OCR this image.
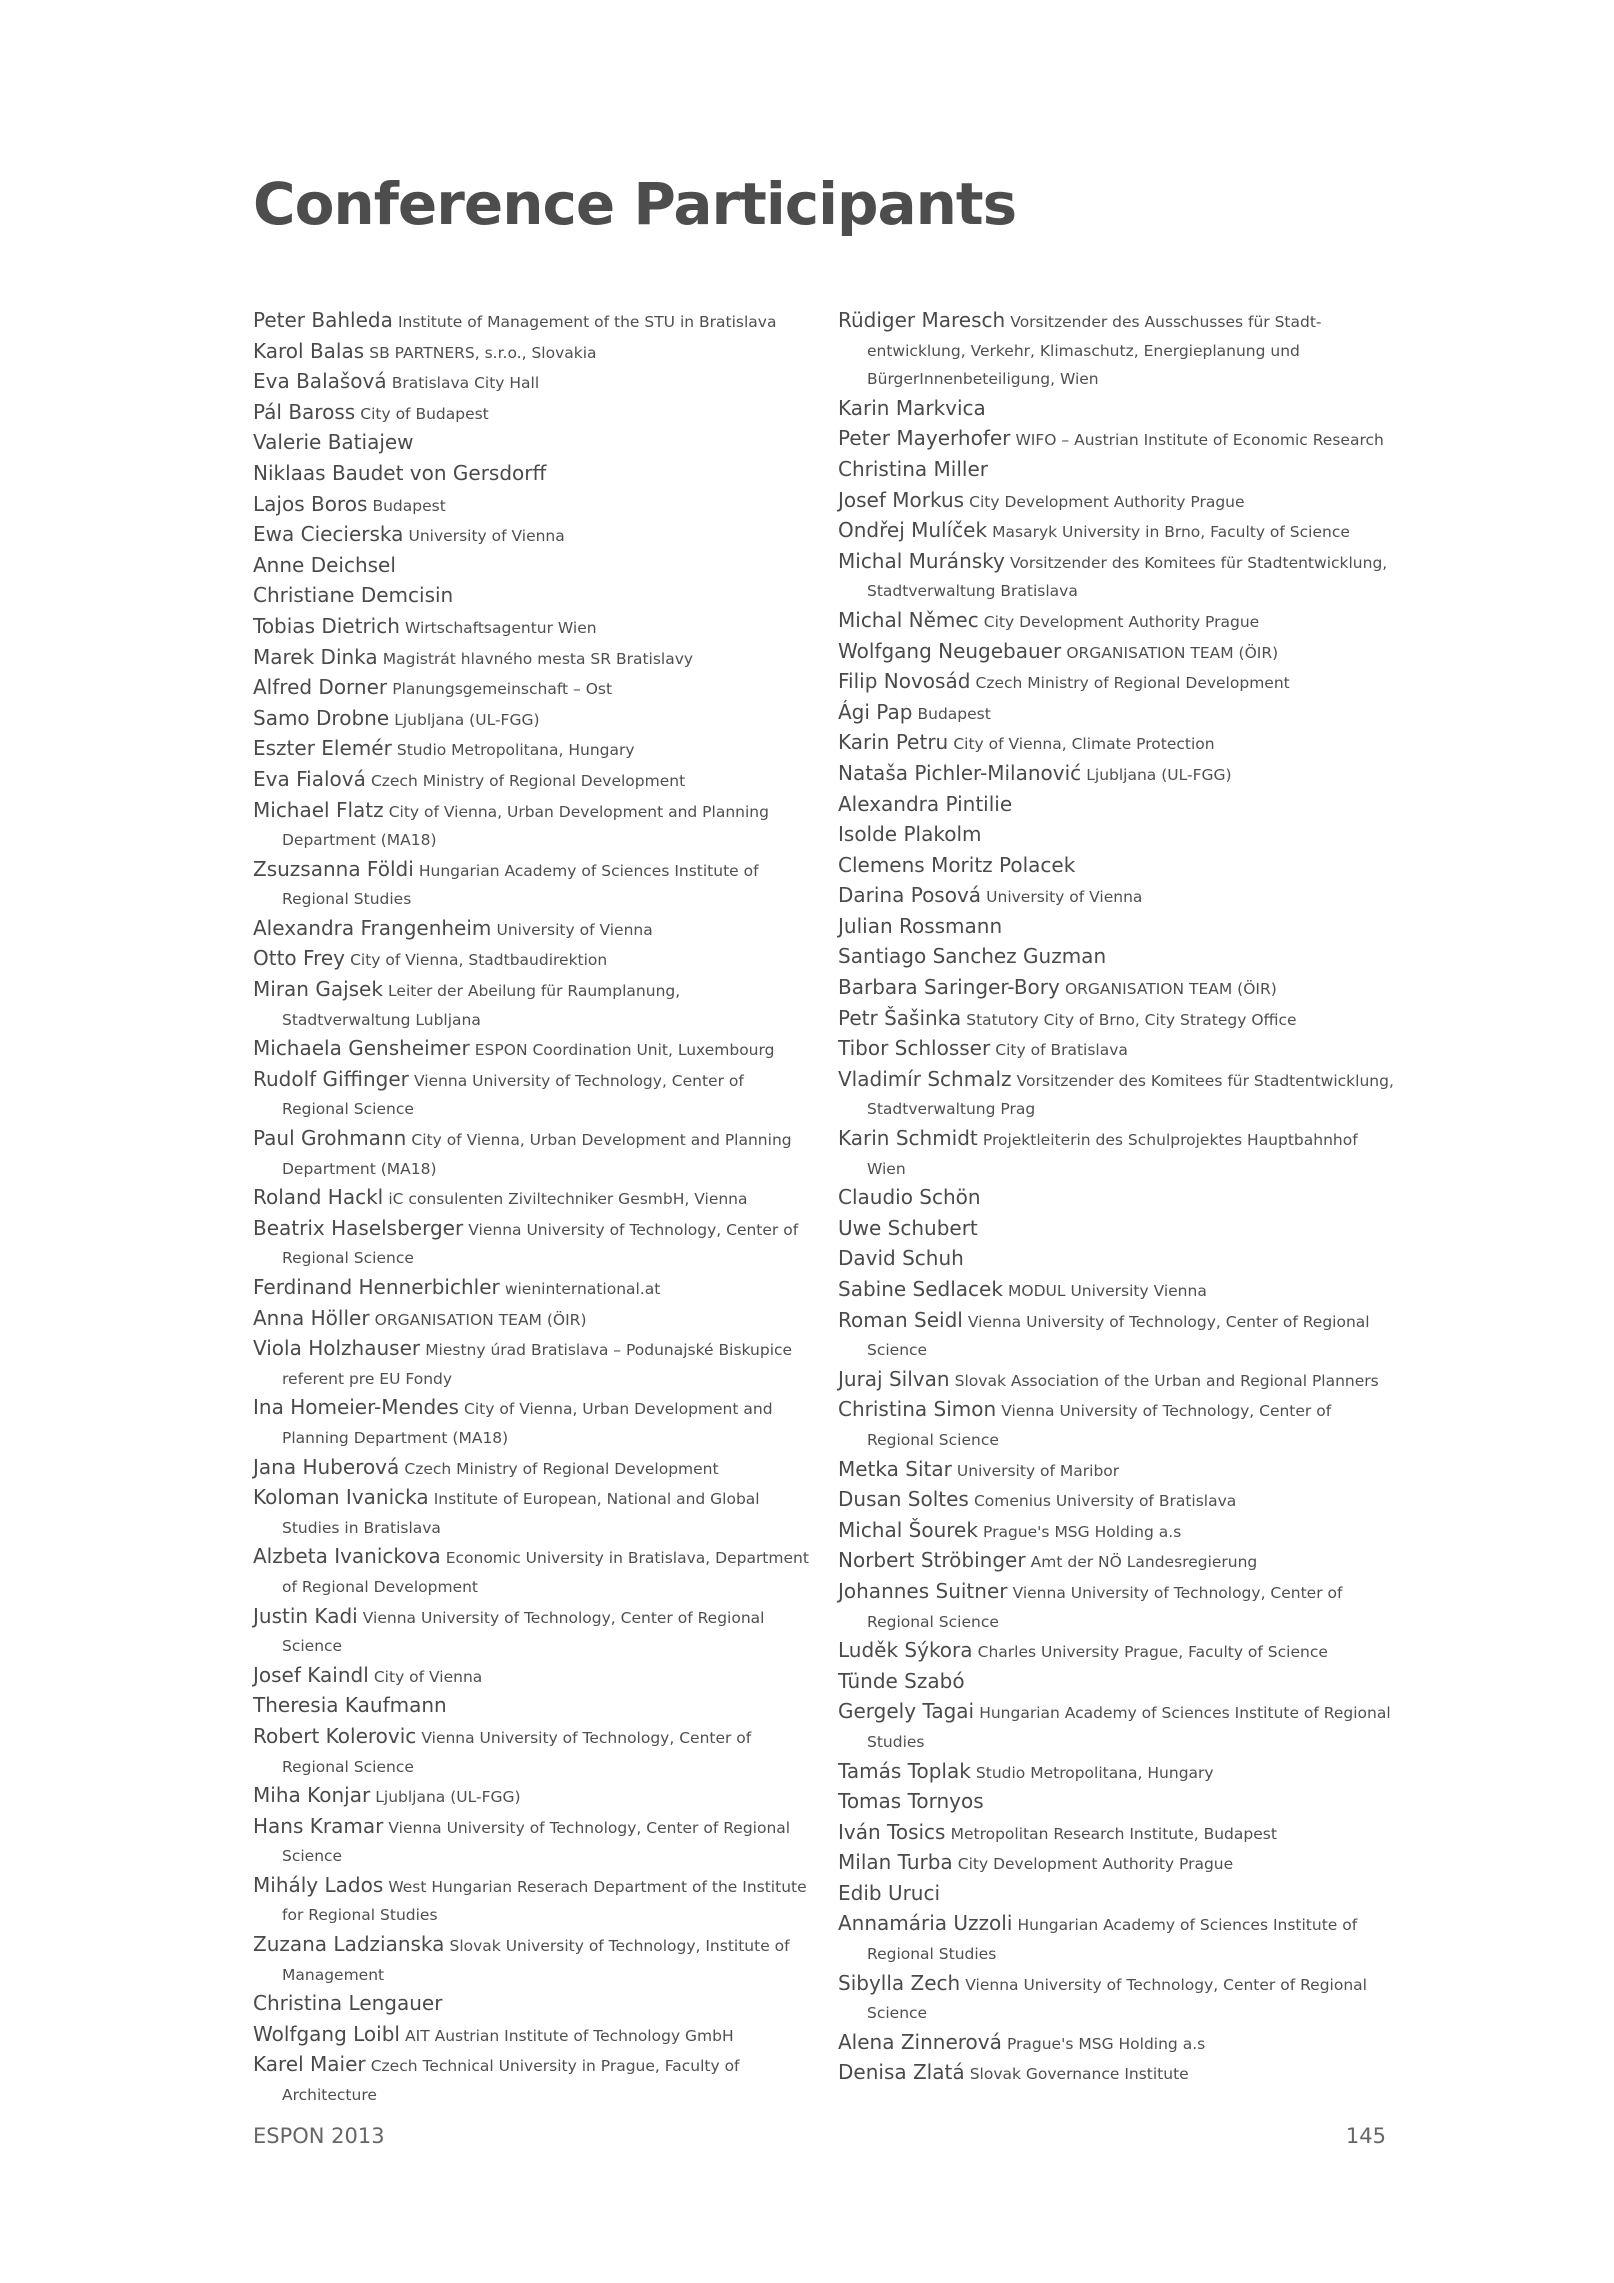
Conference Participants

Peter Bahleda Institute of Management of the STU in Bratislava

Karol Balas SB PARTNERS, s.r.o., Slovakia

Eva Balašová Bratislava City Hall

Pál Baross City of Budapest

Valerie Batiajew

Niklaas Baudet von Gersdorff

Lajos Boros Budapest

Ewa Ciecierska University of Vienna

Anne Deichsel

Christiane Demcisin

Tobias Dietrich Wirtschaftsagentur Wien

Marek Dinka Magistrát hlavného mesta SR Bratislavy

Alfred Dorner Planungsgemeinschaft – Ost

Samo Drobne Ljubljana (UL-FGG)

Eszter Elemér Studio Metropolitana, Hungary

Eva Fialová Czech Ministry of Regional Development

Michael Flatz City of Vienna, Urban Development and Planning Department (MA18)

Zsuzsanna Földi Hungarian Academy of Sciences Institute of Regional Studies

Alexandra Frangenheim University of Vienna

Otto Frey City of Vienna, Stadtbaudirektion

Miran Gajsek Leiter der Abeilung für Raumplanung, Stadtverwaltung Lubljana

Michaela Gensheimer ESPON Coordination Unit, Luxembourg

Rudolf Giffinger Vienna University of Technology, Center of Regional Science

Paul Grohmann City of Vienna, Urban Development and Planning Department (MA18)

Roland Hackl iC consulenten Ziviltechniker GesmbH, Vienna

Beatrix Haselsberger Vienna University of Technology, Center of Regional Science

Ferdinand Hennerbichler wieninternational.at

Anna Höller ORGANISATION TEAM (ÖIR)

Viola Holzhauser Miestny úrad Bratislava – Podunajské Biskupice referent pre EU Fondy

Ina Homeier-Mendes City of Vienna, Urban Development and Planning Department (MA18)

Jana Huberová Czech Ministry of Regional Development

Koloman Ivanicka Institute of European, National and Global Studies in Bratislava

Alzbeta Ivanickova Economic University in Bratislava, Department of Regional Development

Justin Kadi Vienna University of Technology, Center of Regional Science

Josef Kaindl City of Vienna

Theresia Kaufmann

Robert Kolerovic Vienna University of Technology, Center of Regional Science

Miha Konjar Ljubljana (UL-FGG)

Hans Kramar Vienna University of Technology, Center of Regional Science

Mihály Lados West Hungarian Reserach Department of the Institute for Regional Studies

Zuzana Ladzianska Slovak University of Technology, Institute of Management

Christina Lengauer

Wolfgang Loibl AIT Austrian Institute of Technology GmbH

Karel Maier Czech Technical University in Prague, Faculty of Architecture

Rüdiger Maresch Vorsitzender des Ausschusses für Stadt-entwicklung, Verkehr, Klimaschutz, Energieplanung und BürgerInnenbeteiligung, Wien

Karin Markvica

Peter Mayerhofer WIFO – Austrian Institute of Economic Research

Christina Miller

Josef Morkus City Development Authority Prague

Ondřej Mulíček Masaryk University in Brno, Faculty of Science

Michal Muránsky Vorsitzender des Komitees für Stadtentwicklung, Stadtverwaltung Bratislava

Michal Němec City Development Authority Prague

Wolfgang Neugebauer ORGANISATION TEAM (ÖIR)

Filip Novosád Czech Ministry of Regional Development

Ági Pap Budapest

Karin Petru City of Vienna, Climate Protection

Nataša Pichler-Milanović Ljubljana (UL-FGG)

Alexandra Pintilie

Isolde Plakolm

Clemens Moritz Polacek

Darina Posová University of Vienna

Julian Rossmann

Santiago Sanchez Guzman

Barbara Saringer-Bory ORGANISATION TEAM (ÖIR)

Petr Šašinka Statutory City of Brno, City Strategy Office

Tibor Schlosser City of Bratislava

Vladimír Schmalz Vorsitzender des Komitees für Stadtentwicklung, Stadtverwaltung Prag

Karin Schmidt Projektleiterin des Schulprojektes Hauptbahnhof Wien

Claudio Schön

Uwe Schubert

David Schuh

Sabine Sedlacek MODUL University Vienna

Roman Seidl Vienna University of Technology, Center of Regional Science

Juraj Silvan Slovak Association of the Urban and Regional Planners

Christina Simon Vienna University of Technology, Center of Regional Science

Metka Sitar University of Maribor

Dusan Soltes Comenius University of Bratislava

Michal Šourek Prague's MSG Holding a.s

Norbert Ströbinger Amt der NÖ Landesregierung

Johannes Suitner Vienna University of Technology, Center of Regional Science

Luděk Sýkora Charles University Prague, Faculty of Science

Tünde Szabó

Gergely Tagai Hungarian Academy of Sciences Institute of Regional Studies

Tamás Toplak Studio Metropolitana, Hungary

Tomas Tornyos

Iván Tosics Metropolitan Research Institute, Budapest

Milan Turba City Development Authority Prague

Edib Uruci

Annamária Uzzoli Hungarian Academy of Sciences Institute of Regional Studies

Sibylla Zech Vienna University of Technology, Center of Regional Science

Alena Zinnerová Prague's MSG Holding a.s

Denisa Zlatá Slovak Governance Institute

ESPON 2013	145
